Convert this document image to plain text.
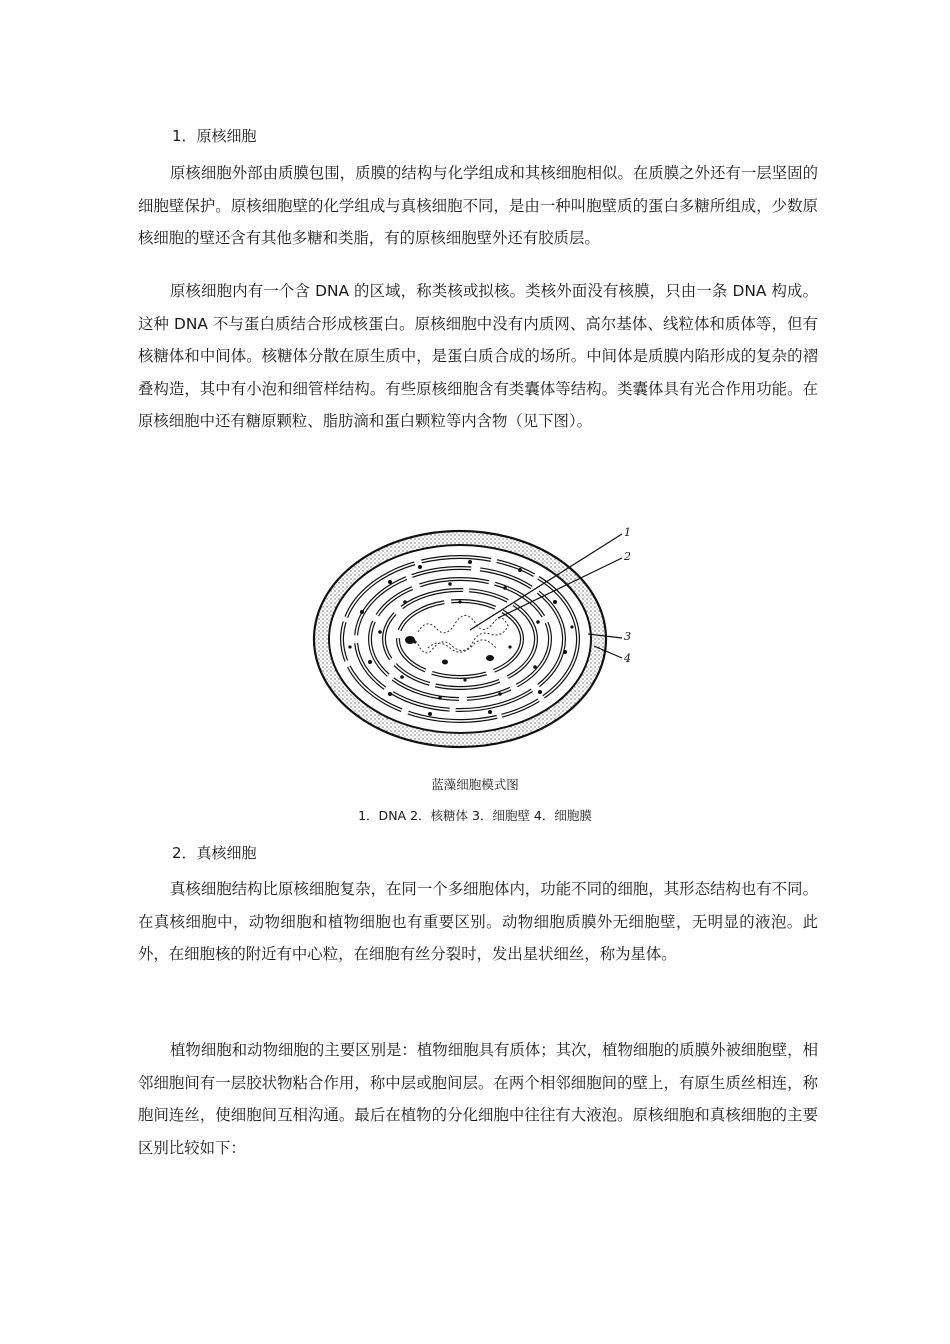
1．原核细胞
原核细胞外部由质膜包围，质膜的结构与化学组成和其核细胞相似。在质膜之外还有一层坚固的细胞壁保护。原核细胞壁的化学组成与真核细胞不同，是由一种叫胞壁质的蛋白多糖所组成，少数原核细胞的壁还含有其他多糖和类脂，有的原核细胞壁外还有胶质层。
原核细胞内有一个含 DNA 的区域，称类核或拟核。类核外面没有核膜，只由一条 DNA 构成。这种 DNA 不与蛋白质结合形成核蛋白。原核细胞中没有内质网、高尔基体、线粒体和质体等，但有核糖体和中间体。核糖体分散在原生质中，是蛋白质合成的场所。中间体是质膜内陷形成的复杂的褶叠构造，其中有小泡和细管样结构。有些原核细胞含有类囊体等结构。类囊体具有光合作用功能。在原核细胞中还有糖原颗粒、脂肪滴和蛋白颗粒等内含物（见下图）。
1
2
3
4
蓝藻细胞模式图
1．DNA 2．核糖体 3．细胞壁 4．细胞膜
2．真核细胞
真核细胞结构比原核细胞复杂，在同一个多细胞体内，功能不同的细胞，其形态结构也有不同。在真核细胞中，动物细胞和植物细胞也有重要区别。动物细胞质膜外无细胞壁，无明显的液泡。此外，在细胞核的附近有中心粒，在细胞有丝分裂时，发出星状细丝，称为星体。
植物细胞和动物细胞的主要区别是：植物细胞具有质体；其次，植物细胞的质膜外被细胞壁，相邻细胞间有一层胶状物粘合作用，称中层或胞间层。在两个相邻细胞间的壁上，有原生质丝相连，称胞间连丝，使细胞间互相沟通。最后在植物的分化细胞中往往有大液泡。原核细胞和真核细胞的主要区别比较如下：
